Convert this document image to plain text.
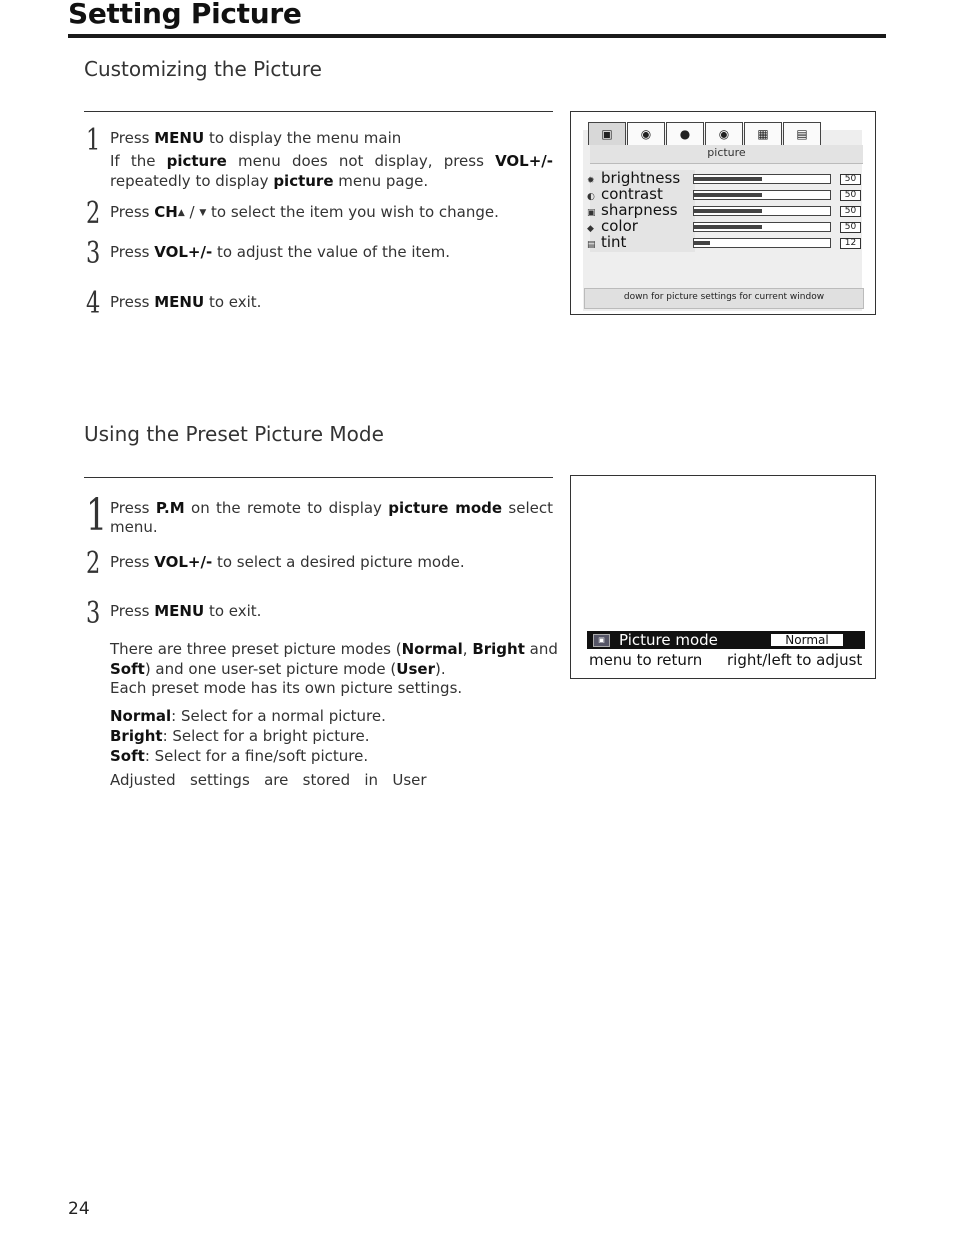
Setting Picture
Customizing the Picture
1 Press MENU to display the menu main
If the picture menu does not display, press VOL+/-
repeatedly to display picture menu page.
2 Press CH▲ / ▼ to select the item you wish to change.
3 Press VOL+/- to adjust the value of the item.
4 Press MENU to exit.
▣	◉	●	◉	▦	▤
picture
✹ brightness	50
◐ contrast	50
▣ sharpness	50
◆ color	50
▤ tint	12
down for picture settings for current window
Using the Preset Picture Mode
1 Press P.M on the remote to display picture mode select
menu.
2 Press VOL+/- to select a desired picture mode.
3 Press MENU to exit.
There are three preset picture modes (Normal, Bright and
Soft) and one user-set picture mode (User).
Each preset mode has its own picture settings.
Normal: Select for a normal picture.
Bright: Select for a bright picture.
Soft: Select for a fine/soft picture.
Adjusted   settings   are   stored   in   User
▣ Picture mode	Normal
menu to return right/left to adjust
24
